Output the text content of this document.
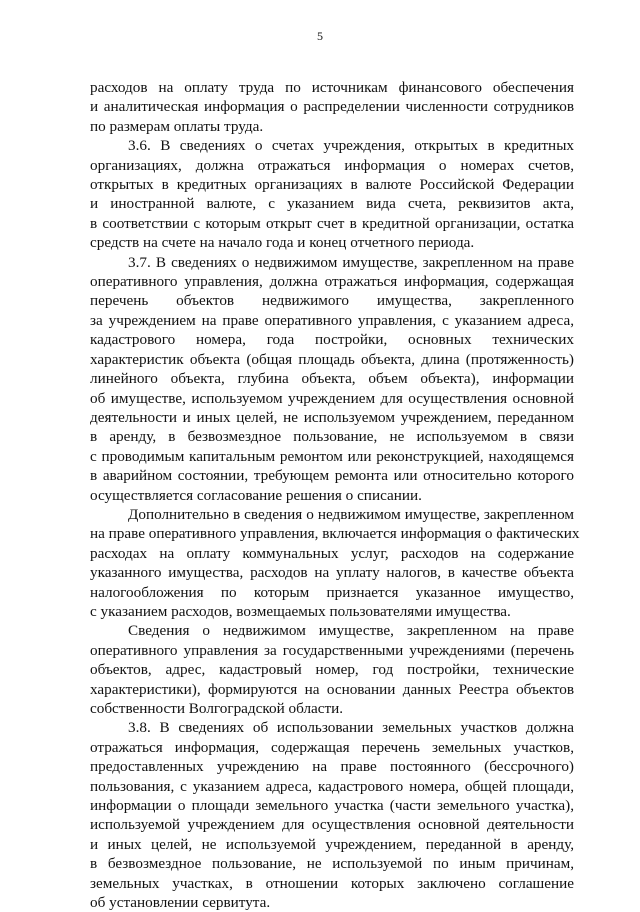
5
расходов на оплату труда по источникам финансового обеспечения
и аналитическая информация о распределении численности сотрудников
по размерам оплаты труда.
3.6. В сведениях о счетах учреждения, открытых в кредитных
организациях, должна отражаться информация о номерах счетов,
открытых в кредитных организациях в валюте Российской Федерации
и иностранной валюте, с указанием вида счета, реквизитов акта,
в соответствии с которым открыт счет в кредитной организации, остатка
средств на счете на начало года и конец отчетного периода.
3.7. В сведениях о недвижимом имуществе, закрепленном на праве
оперативного управления, должна отражаться информация, содержащая
перечень объектов недвижимого имущества, закрепленного
за учреждением на праве оперативного управления, с указанием адреса,
кадастрового номера, года постройки, основных технических
характеристик объекта (общая площадь объекта, длина (протяженность)
линейного объекта, глубина объекта, объем объекта), информации
об имуществе, используемом учреждением для осуществления основной
деятельности и иных целей, не используемом учреждением, переданном
в аренду, в безвозмездное пользование, не используемом в связи
с проводимым капитальным ремонтом или реконструкцией, находящемся
в аварийном состоянии, требующем ремонта или относительно которого
осуществляется согласование решения о списании.
Дополнительно в сведения о недвижимом имуществе, закрепленном
на праве оперативного управления, включается информация о фактических
расходах на оплату коммунальных услуг, расходов на содержание
указанного имущества, расходов на уплату налогов, в качестве объекта
налогообложения по которым признается указанное имущество,
с указанием расходов, возмещаемых пользователями имущества.
Сведения о недвижимом имуществе, закрепленном на праве
оперативного управления за государственными учреждениями (перечень
объектов, адрес, кадастровый номер, год постройки, технические
характеристики), формируются на основании данных Реестра объектов
собственности Волгоградской области.
3.8. В сведениях об использовании земельных участков должна
отражаться информация, содержащая перечень земельных участков,
предоставленных учреждению на праве постоянного (бессрочного)
пользования, с указанием адреса, кадастрового номера, общей площади,
информации о площади земельного участка (части земельного участка),
используемой учреждением для осуществления основной деятельности
и иных целей, не используемой учреждением, переданной в аренду,
в безвозмездное пользование, не используемой по иным причинам,
земельных участках, в отношении которых заключено соглашение
об установлении сервитута.
